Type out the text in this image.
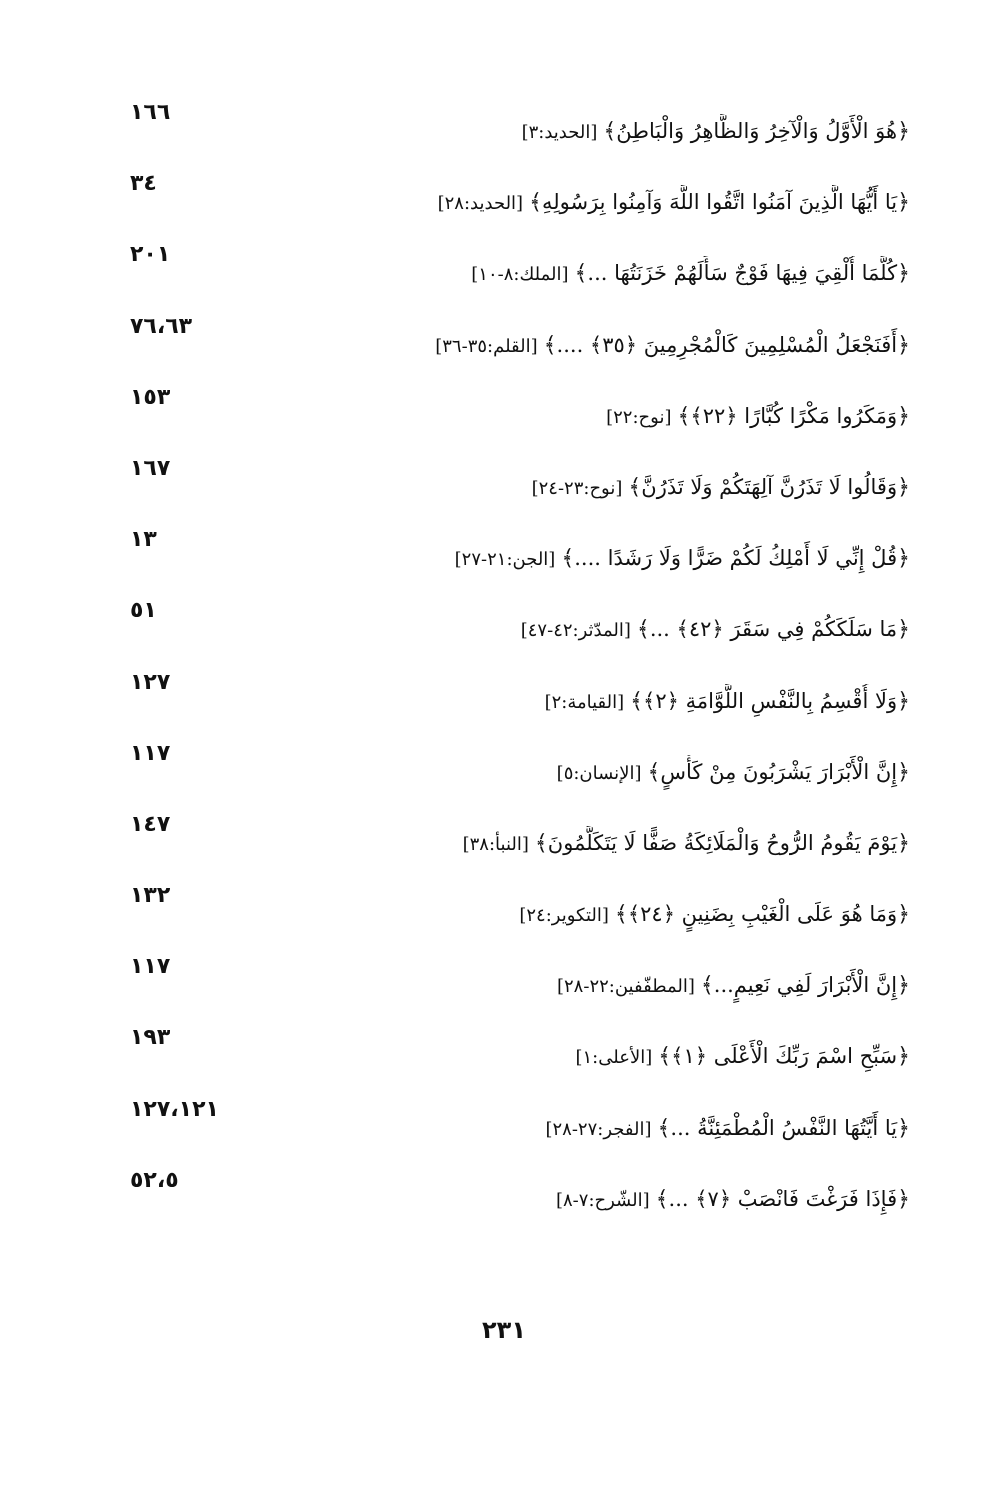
١٦٦
﴿هُوَ الْأَوَّلُ وَالْآخِرُ وَالظَّاهِرُ وَالْبَاطِنُ﴾[الحديد:٣]
٣٤
﴿يَا أَيُّهَا الَّذِينَ آمَنُوا اتَّقُوا اللَّهَ وَآمِنُوا بِرَسُولِهِ﴾[الحديد:٢٨]
٢٠١
﴿كُلَّمَا أُلْقِيَ فِيهَا فَوْجٌ سَأَلَهُمْ خَزَنَتُهَا ...﴾[الملك:٨-١٠]
٧٦،٦٣
﴿أَفَنَجْعَلُ الْمُسْلِمِينَ كَالْمُجْرِمِينَ ﴿٣٥﴾ ....﴾[القلم:٣٥-٣٦]
١٥٣
﴿وَمَكَرُوا مَكْرًا كُبَّارًا ﴿٢٢﴾﴾[نوح:٢٢]
١٦٧
﴿وَقَالُوا لَا تَذَرُنَّ آلِهَتَكُمْ وَلَا تَذَرُنَّ﴾[نوح:٢٣-٢٤]
١٣
﴿قُلْ إِنِّي لَا أَمْلِكُ لَكُمْ ضَرًّا وَلَا رَشَدًا ....﴾[الجن:٢١-٢٧]
٥١
﴿مَا سَلَكَكُمْ فِي سَقَرَ ﴿٤٢﴾ ...﴾[المدّثر:٤٢-٤٧]
١٢٧
﴿وَلَا أُقْسِمُ بِالنَّفْسِ اللَّوَّامَةِ ﴿٢﴾﴾[القيامة:٢]
١١٧
﴿إِنَّ الْأَبْرَارَ يَشْرَبُونَ مِنْ كَأْسٍ﴾[الإنسان:٥]
١٤٧
﴿يَوْمَ يَقُومُ الرُّوحُ وَالْمَلَائِكَةُ صَفًّا لَا يَتَكَلَّمُونَ﴾[النبأ:٣٨]
١٣٢
﴿وَمَا هُوَ عَلَى الْغَيْبِ بِضَنِينٍ ﴿٢٤﴾﴾[التكوير:٢٤]
١١٧
﴿إِنَّ الْأَبْرَارَ لَفِي نَعِيمٍ...﴾[المطفّفين:٢٢-٢٨]
١٩٣
﴿سَبِّحِ اسْمَ رَبِّكَ الْأَعْلَى ﴿١﴾﴾[الأعلى:١]
١٢٧،١٢١
﴿يَا أَيَّتُهَا النَّفْسُ الْمُطْمَئِنَّةُ ...﴾[الفجر:٢٧-٢٨]
٥٢،٥
﴿فَإِذَا فَرَغْتَ فَانْصَبْ ﴿٧﴾ ...﴾[الشّرح:٧-٨]
٢٣١
